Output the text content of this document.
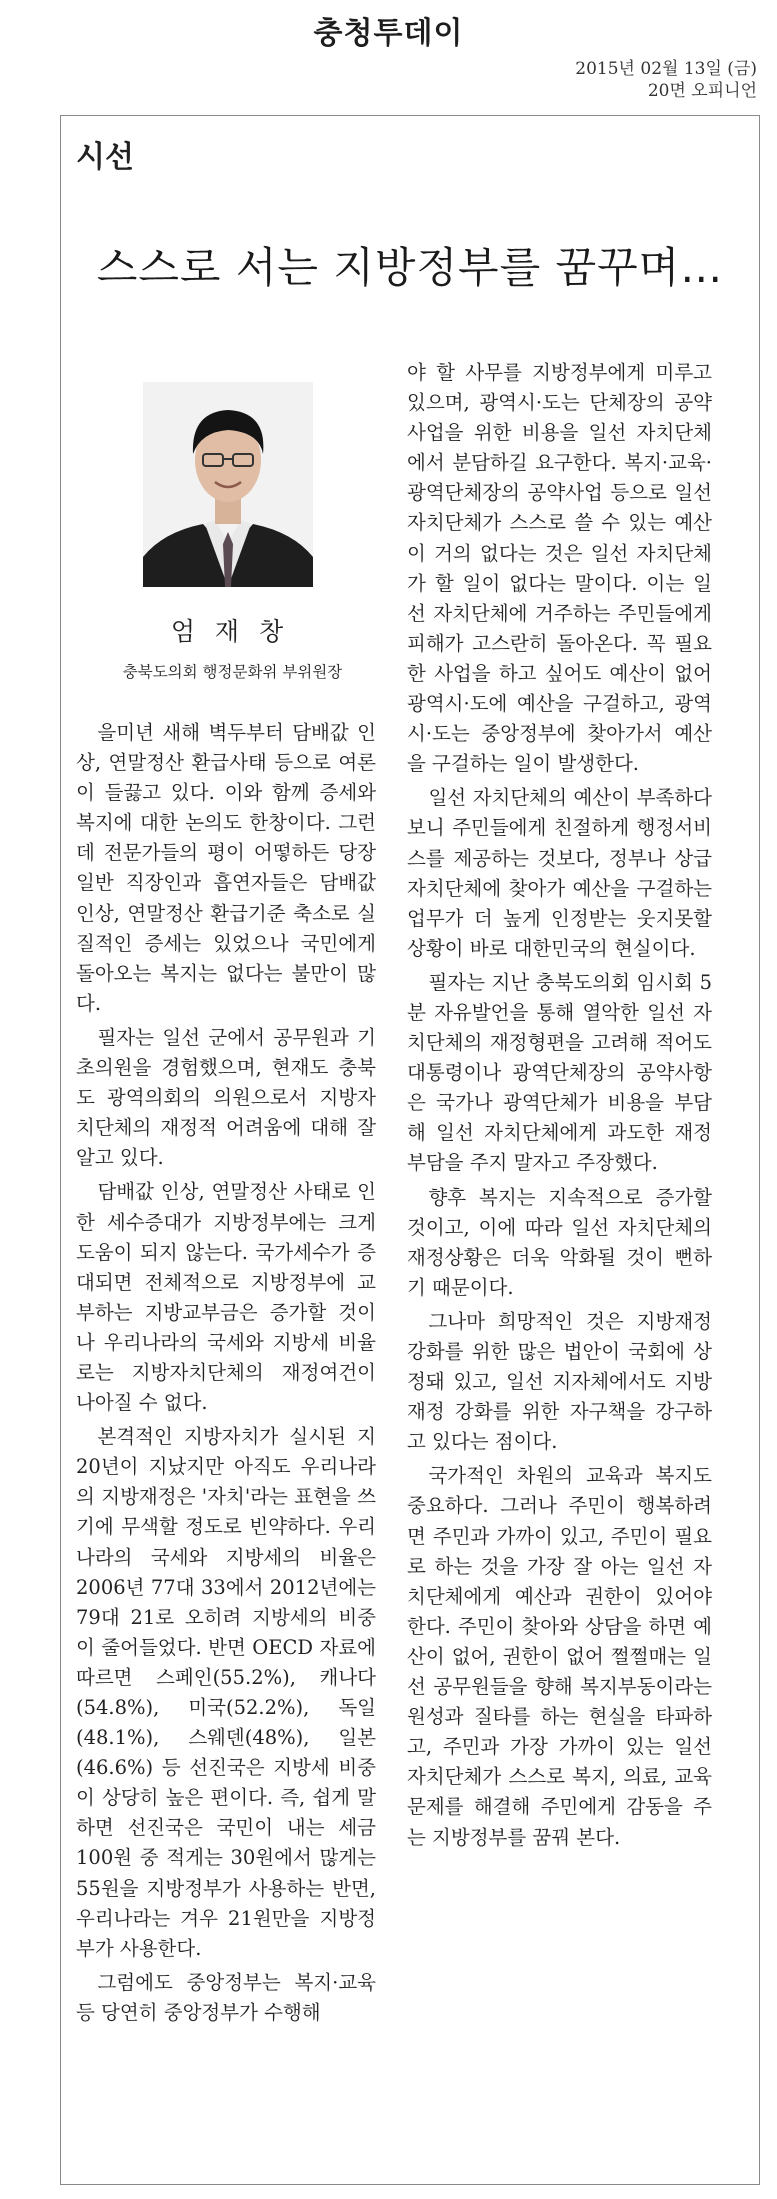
충청투데이
2015년 02월 13일 (금)
20면 오피니언
시선
스스로 서는 지방정부를 꿈꾸며…
엄 재 창
충북도의회 행정문화위 부위원장

을미년 새해 벽두부터 담배값 인상, 연말정산 환급사태 등으로 여론이 들끓고 있다. 이와 함께 증세와 복지에 대한 논의도 한창이다. 그런데 전문가들의 평이 어떻하든 당장 일반 직장인과 흡연자들은 담배값 인상, 연말정산 환급기준 축소로 실질적인 증세는 있었으나 국민에게 돌아오는 복지는 없다는 불만이 많다.

필자는 일선 군에서 공무원과 기초의원을 경험했으며, 현재도 충북도 광역의회의 의원으로서 지방자치단체의 재정적 어려움에 대해 잘 알고 있다.

담배값 인상, 연말정산 사태로 인한 세수증대가 지방정부에는 크게 도움이 되지 않는다. 국가세수가 증대되면 전체적으로 지방정부에 교부하는 지방교부금은 증가할 것이나 우리나라의 국세와 지방세 비율로는 지방자치단체의 재정여건이 나아질 수 없다.

본격적인 지방자치가 실시된 지 20년이 지났지만 아직도 우리나라의 지방재정은 '자치'라는 표현을 쓰기에 무색할 정도로 빈약하다. 우리나라의 국세와 지방세의 비율은 2006년 77대 33에서 2012년에는 79대 21로 오히려 지방세의 비중이 줄어들었다. 반면 OECD 자료에 따르면 스페인(55.2%), 캐나다(54.8%), 미국(52.2%), 독일(48.1%), 스웨덴(48%), 일본(46.6%) 등 선진국은 지방세 비중이 상당히 높은 편이다. 즉, 쉽게 말하면 선진국은 국민이 내는 세금 100원 중 적게는 30원에서 많게는 55원을 지방정부가 사용하는 반면, 우리나라는 겨우 21원만을 지방정부가 사용한다.

그럼에도 중앙정부는 복지·교육 등 당연히 중앙정부가 수행해

야 할 사무를 지방정부에게 미루고 있으며, 광역시·도는 단체장의 공약사업을 위한 비용을 일선 자치단체에서 분담하길 요구한다. 복지·교육·광역단체장의 공약사업 등으로 일선 자치단체가 스스로 쓸 수 있는 예산이 거의 없다는 것은 일선 자치단체가 할 일이 없다는 말이다. 이는 일선 자치단체에 거주하는 주민들에게 피해가 고스란히 돌아온다. 꼭 필요한 사업을 하고 싶어도 예산이 없어 광역시·도에 예산을 구걸하고, 광역시·도는 중앙정부에 찾아가서 예산을 구걸하는 일이 발생한다.

일선 자치단체의 예산이 부족하다보니 주민들에게 친절하게 행정서비스를 제공하는 것보다, 정부나 상급자치단체에 찾아가 예산을 구걸하는 업무가 더 높게 인정받는 웃지못할 상황이 바로 대한민국의 현실이다.

필자는 지난 충북도의회 임시회 5분 자유발언을 통해 열악한 일선 자치단체의 재정형편을 고려해 적어도 대통령이나 광역단체장의 공약사항은 국가나 광역단체가 비용을 부담해 일선 자치단체에게 과도한 재정부담을 주지 말자고 주장했다.

향후 복지는 지속적으로 증가할 것이고, 이에 따라 일선 자치단체의 재정상황은 더욱 악화될 것이 뻔하기 때문이다.

그나마 희망적인 것은 지방재정 강화를 위한 많은 법안이 국회에 상정돼 있고, 일선 지자체에서도 지방재정 강화를 위한 자구책을 강구하고 있다는 점이다.

국가적인 차원의 교육과 복지도 중요하다. 그러나 주민이 행복하려면 주민과 가까이 있고, 주민이 필요로 하는 것을 가장 잘 아는 일선 자치단체에게 예산과 권한이 있어야 한다. 주민이 찾아와 상담을 하면 예산이 없어, 권한이 없어 쩔쩔매는 일선 공무원들을 향해 복지부동이라는 원성과 질타를 하는 현실을 타파하고, 주민과 가장 가까이 있는 일선 자치단체가 스스로 복지, 의료, 교육문제를 해결해 주민에게 감동을 주는 지방정부를 꿈꿔 본다.
